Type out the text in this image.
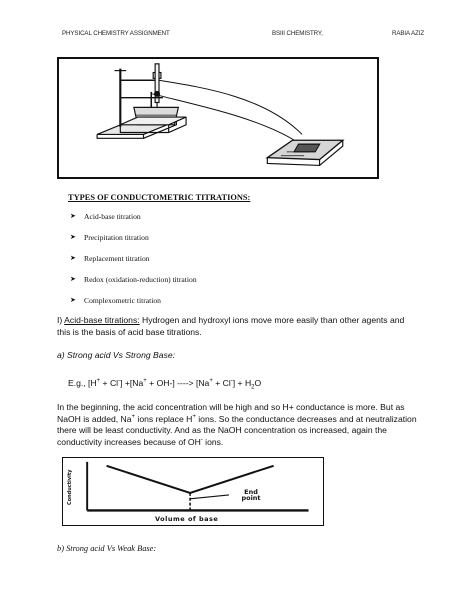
PHYSICAL CHEMISTRY ASSIGNMENT	BSIII CHEMISTRY,	RABIA AZIZ
TYPES OF CONDUCTOMETRIC TITRATIONS:
➤	Acid-base titration
➤	Precipitation titration
➤	Replacement titration
➤	Redox (oxidation-reduction) titration
➤	Complexometric titration
I) Acid-base titrations: Hydrogen and hydroxyl ions move more easily than other agents and this is the basis of acid base titrations.
a) Strong acid Vs Strong Base:
E.g., [H+ + Cl-] +[Na+ + OH-] ----> $[Na^+ + Cl^-] + H_2O$
In the beginning, the acid concentration will be high and so H+ conductance is more. But as NaOH is added, Na+ ions replace H+ ions. So the conductance decreases and at neutralization there will be least conductivity. And as the NaOH concentration os increased, again the conductivity increases because of OH- ions.
Conductivity
Volume of base
End point
b) Strong acid Vs Weak Base:
